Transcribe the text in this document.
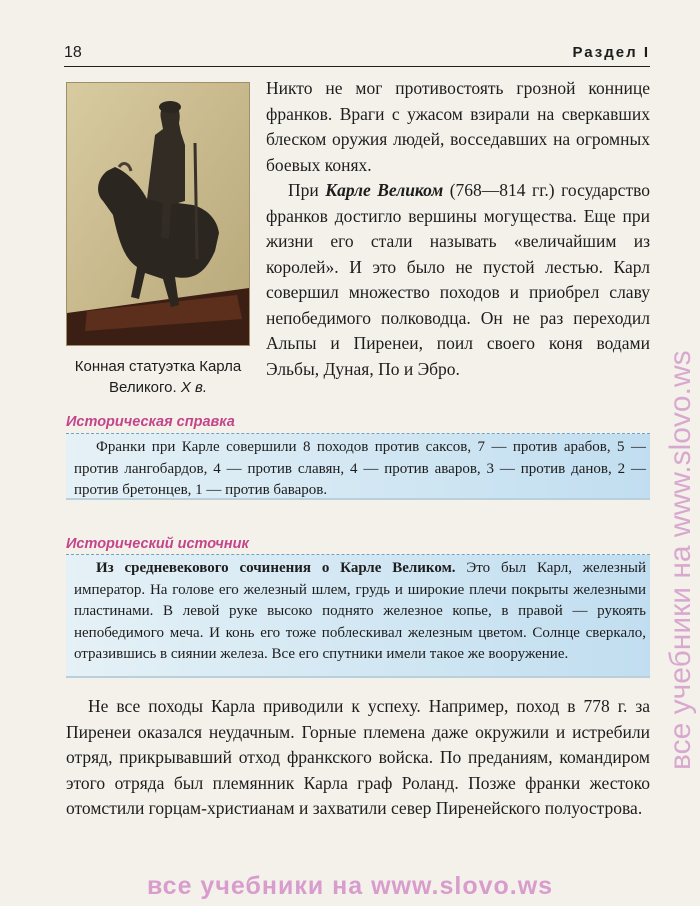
18	Раздел I
Конная статуэтка Карла
Великого. X в.

Никто не мог противостоять грозной коннице франков. Враги с ужасом взирали на сверкавших блеском оружия людей, восседавших на огромных боевых конях.

При Карле Великом (768—814 гг.) государство франков достигло вершины могущества. Еще при жизни его стали называть «величайшим из королей». И это было не пустой лестью. Карл совершил множество походов и приобрел славу непобедимого полководца. Он не раз переходил Альпы и Пиренеи, поил своего коня водами Эльбы, Дуная, По и Эбро.

Историческая справка

Франки при Карле совершили 8 походов против саксов, 7 — против арабов, 5 — против лангобардов, 4 — против славян, 4 — против аваров, 3 — против данов, 2 — против бретонцев, 1 — против баваров.

Исторический источник

Из средневекового сочинения о Карле Великом. Это был Карл, железный император. На голове его железный шлем, грудь и широкие плечи покрыты железными пластинами. В левой руке высоко поднято железное копье, в правой — рукоять непобедимого меча. И конь его тоже поблескивал железным цветом. Солнце сверкало, отразившись в сиянии железа. Все его спутники имели такое же вооружение.

Не все походы Карла приводили к успеху. Например, поход в 778 г. за Пиренеи оказался неудачным. Горные племена даже окружили и истребили отряд, прикрывавший отход франкского войска. По преданиям, командиром этого отряда был племянник Карла граф Роланд. Позже франки жестоко отомстили горцам-христианам и захватили север Пиренейского полуострова.

все учебники на www.slovo.ws
все учебники на www.slovo.ws
